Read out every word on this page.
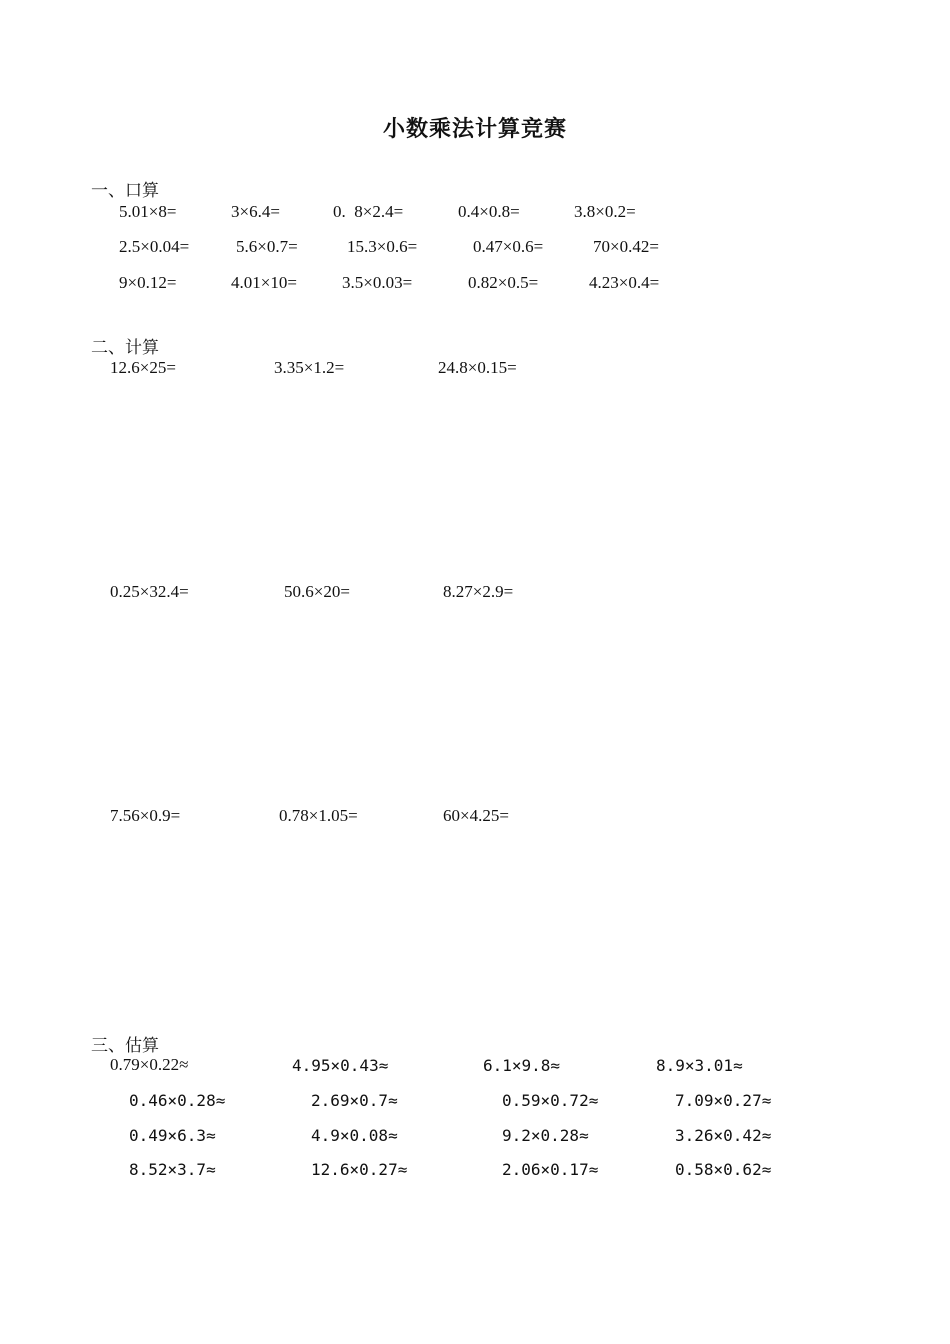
小数乘法计算竞赛
一、口算
5.01×8=	3×6.4=	0.  8×2.4=	0.4×0.8=	3.8×0.2=
2.5×0.04=	5.6×0.7=	15.3×0.6=	0.47×0.6=	70×0.42=
9×0.12=	4.01×10=	3.5×0.03=	0.82×0.5=	4.23×0.4=
二、计算
12.6×25=	3.35×1.2=	24.8×0.15=
0.25×32.4=	50.6×20=	8.27×2.9=
7.56×0.9=	0.78×1.05=	60×4.25=
三、估算
0.79×0.22≈	4.95×0.43≈	6.1×9.8≈	8.9×3.01≈
0.46×0.28≈	2.69×0.7≈	0.59×0.72≈	7.09×0.27≈
0.49×6.3≈	4.9×0.08≈	9.2×0.28≈	3.26×0.42≈
8.52×3.7≈	12.6×0.27≈	2.06×0.17≈	0.58×0.62≈
